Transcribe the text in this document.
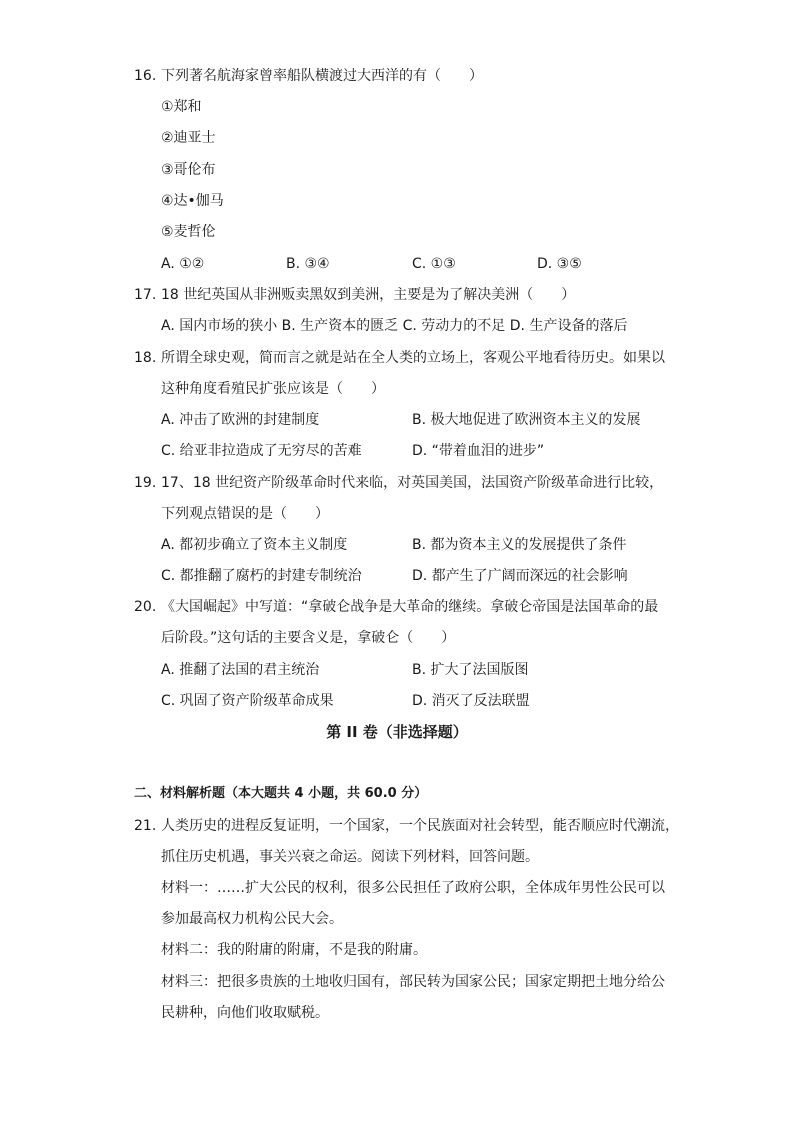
16. 下列著名航海家曾率船队横渡过大西洋的有（　　）
①郑和
②迪亚士
③哥伦布
④达•伽马
⑤麦哲伦
A. ①②	B. ③④	C. ①③	D. ③⑤
17. 18 世纪英国从非洲贩卖黑奴到美洲，主要是为了解决美洲（　　）
A. 国内市场的狭小 B. 生产资本的匮乏 C. 劳动力的不足 D. 生产设备的落后
18. 所谓全球史观，简而言之就是站在全人类的立场上，客观公平地看待历史。如果以
这种角度看殖民扩张应该是（　　）
A. 冲击了欧洲的封建制度	B. 极大地促进了欧洲资本主义的发展
C. 给亚非拉造成了无穷尽的苦难	D. “带着血泪的进步”
19. 17、18 世纪资产阶级革命时代来临，对英国美国，法国资产阶级革命进行比较，
下列观点错误的是（　　）
A. 都初步确立了资本主义制度	B. 都为资本主义的发展提供了条件
C. 都推翻了腐朽的封建专制统治	D. 都产生了广阔而深远的社会影响
20. 《大国崛起》中写道：“拿破仑战争是大革命的继续。拿破仑帝国是法国革命的最
后阶段。”这句话的主要含义是，拿破仑（　　）
A. 推翻了法国的君主统治	B. 扩大了法国版图
C. 巩固了资产阶级革命成果	D. 消灭了反法联盟
第 II 卷（非选择题）
二、材料解析题（本大题共 4 小题，共 60.0 分）
21. 人类历史的进程反复证明，一个国家，一个民族面对社会转型，能否顺应时代潮流，
抓住历史机遇，事关兴衰之命运。阅读下列材料，回答问题。
材料一：……扩大公民的权利，很多公民担任了政府公职，全体成年男性公民可以
参加最高权力机构公民大会。
材料二：我的附庸的附庸，不是我的附庸。
材料三：把很多贵族的土地收归国有，部民转为国家公民；国家定期把土地分给公
民耕种，向他们收取赋税。
